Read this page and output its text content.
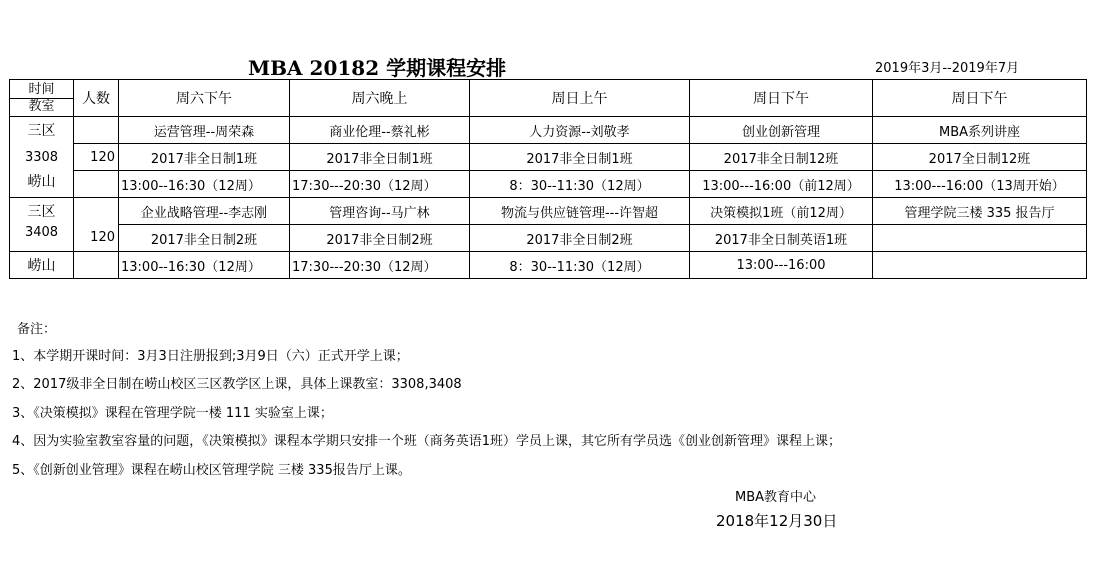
MBA 20182 学期课程安排	2019年3月--2019年7月
时间
教室	人数	周六下午	周六晚上	周日上午	周日下午	周日下午
三区		运营管理--周荣森	商业伦理--蔡礼彬	人力资源--刘敬孝	创业创新管理	MBA系列讲座
3308	120	2017非全日制1班	2017非全日制1班	2017非全日制1班	2017非全日制12班	2017全日制12班
崂山		13:00--16:30（12周）	17:30---20:30（12周）	8：30--11:30（12周）	13:00---16:00（前12周）	13:00---16:00（13周开始）
三区		企业战略管理--李志刚	管理咨询--马广林	物流与供应链管理---许智超	决策模拟1班（前12周）	管理学院三楼 335 报告厅
3408	120	2017非全日制2班	2017非全日制2班	2017非全日制2班	2017非全日制英语1班	
崂山		13:00--16:30（12周）	17:30---20:30（12周）	8：30--11:30（12周）	13:00---16:00	
备注：
1、本学期开课时间：3月3日注册报到;3月9日（六）正式开学上课；
2、2017级非全日制在崂山校区三区教学区上课，具体上课教室：3308,3408
3、《决策模拟》课程在管理学院一楼 111 实验室上课；
4、因为实验室教室容量的问题，《决策模拟》课程本学期只安排一个班（商务英语1班）学员上课，其它所有学员选《创业创新管理》课程上课；
5、《创新创业管理》课程在崂山校区管理学院 三楼 335报告厅上课。
MBA教育中心
2018年12月30日
